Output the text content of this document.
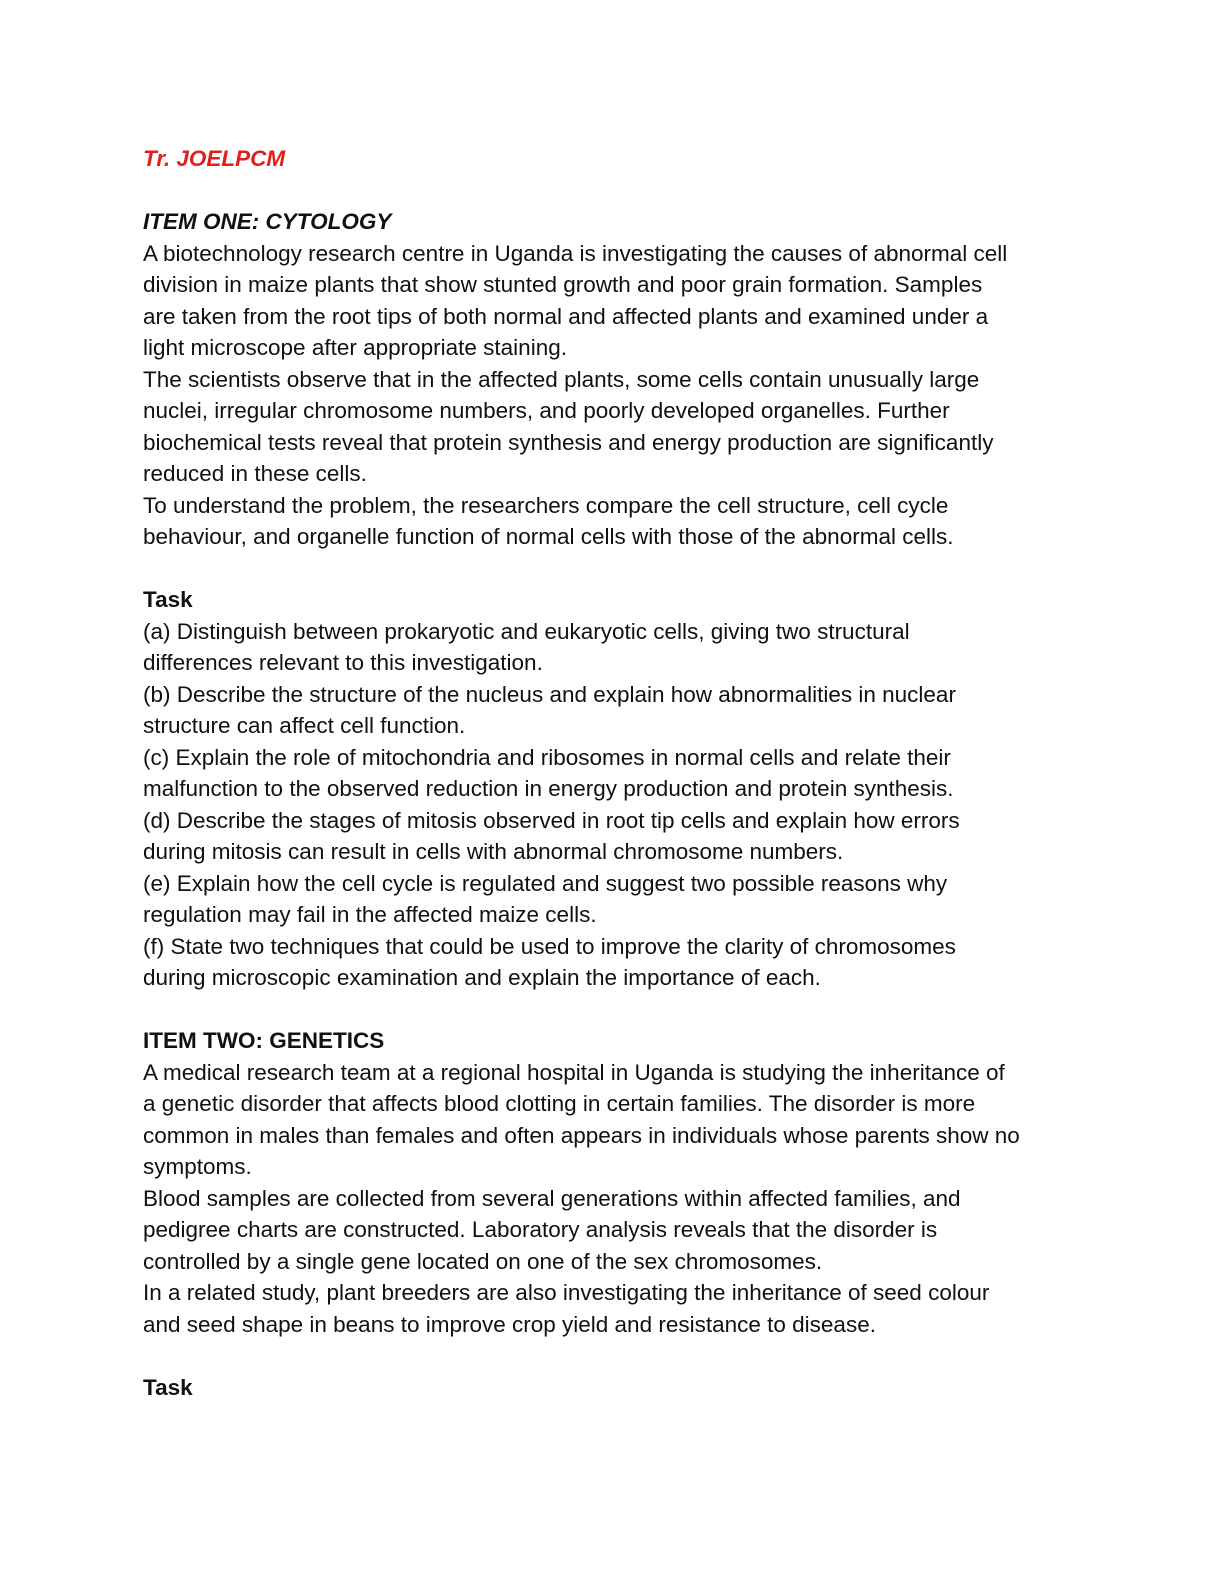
Tr. JOELPCM

ITEM ONE: CYTOLOGY

A biotechnology research centre in Uganda is investigating the causes of abnormal cell

division in maize plants that show stunted growth and poor grain formation. Samples

are taken from the root tips of both normal and affected plants and examined under a

light microscope after appropriate staining.

The scientists observe that in the affected plants, some cells contain unusually large

nuclei, irregular chromosome numbers, and poorly developed organelles. Further

biochemical tests reveal that protein synthesis and energy production are significantly

reduced in these cells.

To understand the problem, the researchers compare the cell structure, cell cycle

behaviour, and organelle function of normal cells with those of the abnormal cells.

Task

(a) Distinguish between prokaryotic and eukaryotic cells, giving two structural

differences relevant to this investigation.

(b) Describe the structure of the nucleus and explain how abnormalities in nuclear

structure can affect cell function.

(c) Explain the role of mitochondria and ribosomes in normal cells and relate their

malfunction to the observed reduction in energy production and protein synthesis.

(d) Describe the stages of mitosis observed in root tip cells and explain how errors

during mitosis can result in cells with abnormal chromosome numbers.

(e) Explain how the cell cycle is regulated and suggest two possible reasons why

regulation may fail in the affected maize cells.

(f) State two techniques that could be used to improve the clarity of chromosomes

during microscopic examination and explain the importance of each.

ITEM TWO: GENETICS

A medical research team at a regional hospital in Uganda is studying the inheritance of

a genetic disorder that affects blood clotting in certain families. The disorder is more

common in males than females and often appears in individuals whose parents show no

symptoms.

Blood samples are collected from several generations within affected families, and

pedigree charts are constructed. Laboratory analysis reveals that the disorder is

controlled by a single gene located on one of the sex chromosomes.

In a related study, plant breeders are also investigating the inheritance of seed colour

and seed shape in beans to improve crop yield and resistance to disease.

Task
